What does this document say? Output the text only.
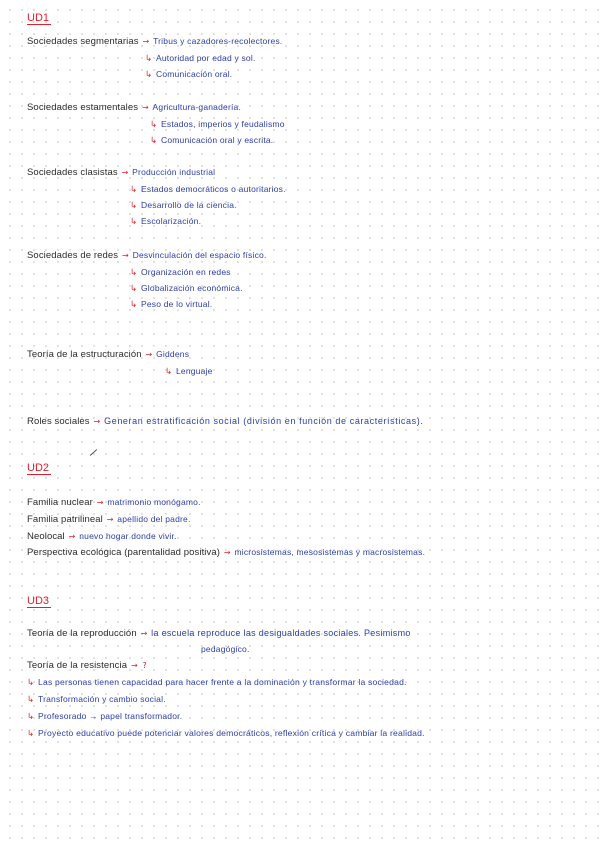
UD1
Sociedades segmentarias → Tribus y cazadores-recolectores.
↳ Autoridad por edad y sol.
↳ Comunicación oral.
Sociedades estamentales → Agricultura-ganadería.
↳ Estados, imperios y feudalismo
↳ Comunicación oral y escrita.
Sociedades clasistas → Producción industrial
↳ Estados democráticos o autoritarios.
↳ Desarrollo de la ciencia.
↳ Escolarización.
Sociedades de redes → Desvinculación del espacio físico.
↳ Organización en redes
↳ Globalización económica.
↳ Peso de lo virtual.
Teoría de la estructuración → Giddens
↳ Lenguaje
Roles sociales → Generan estratificación social (división en función de características).
UD2
Familia nuclear → matrimonio monógamo.
Familia patrilineal → apellido del padre.
Neolocal → nuevo hogar donde vivir.
Perspectiva ecológica (parentalidad positiva) → microsistemas, mesosistemas y macrosistemas.
UD3
Teoría de la reproducción → la escuela reproduce las desigualdades sociales. Pesimismo
pedagógico.
Teoría de la resistencia → ?
↳ Las personas tienen capacidad para hacer frente a la dominación y transformar la sociedad.
↳ Transformación y cambio social.
↳ Profesorado → papel transformador.
↳ Proyecto educativo puede potenciar valores democráticos, reflexión crítica y cambiar la realidad.
